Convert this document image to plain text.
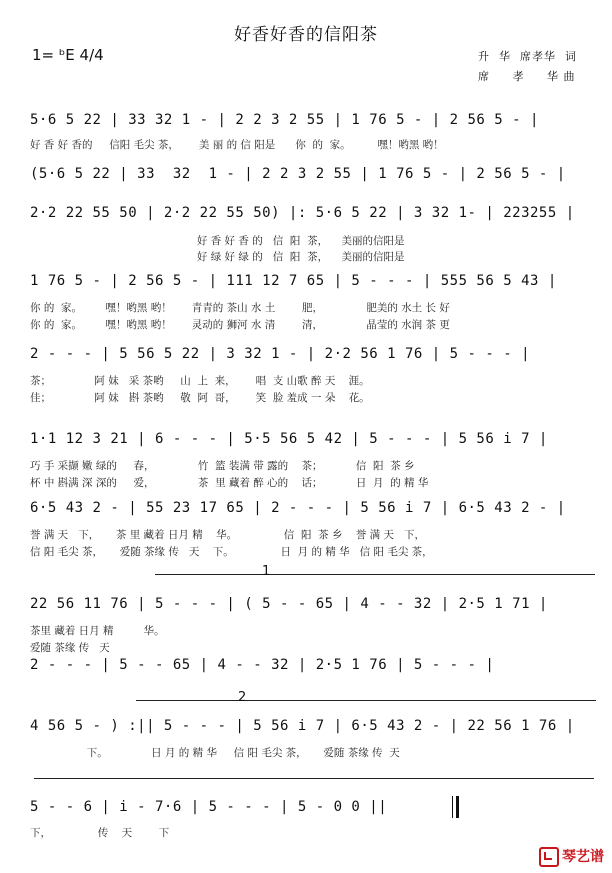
好香好香的信阳茶
1= ᵇE 4/4	升  华  席孝华  词
席     孝     华 曲
5·6 5 22 | 33 32 1 - | 2 2 3 2 55 | 1 76 5 - | 2 56 5 - |
好 香 好 香的     信阳 毛尖 茶，      美 丽 的 信 阳是      你  的  家。        嘿！哟黑 哟！
(5·6 5 22 | 33  32  1 - | 2 2 3 2 55 | 1 76 5 - | 2 56 5 - |
2·2 22 55 50 | 2·2 22 55 50) |: 5·6 5 22 | 3 32 1- | 223255 |
好 香 好 香 的   信  阳  茶，    美丽的信阳是
好 绿 好 绿 的   信  阳  茶，    美丽的信阳是
1 76 5 - | 2 56 5 - | 111 12 7 65 | 5 - - - | 555 56 5 43 |
你 的  家。       嘿！哟黑 哟！      青青的 茶山 水 土        肥，             肥美的 水土 长 好
你 的  家。       嘿！哟黑 哟！      灵动的 狮河 水 清        清，             晶莹的 水润 茶 更
2 - - - | 5 56 5 22 | 3 32 1 - | 2·2 56 1 76 | 5 - - - |
茶；             阿 妹   采 茶哟     山  上  来，      唱  支 山歌 醉 天    涯。
佳；             阿 妹   斟 茶哟     敬  阿  哥，      笑  脸 羞成 一 朵    花。
1·1 12 3 21 | 6 - - - | 5·5 56 5 42 | 5 - - - | 5 56 i 7 |
巧 手 采撷 嫩 绿的     春，             竹  篮 装满 带 露的    茶；          信  阳  茶 乡
杯 中 斟满 深 深的     爱，             茶  里 藏着 醉 心的    话；          日  月  的 精 华
6·5 43 2 - | 55 23 17 65 | 2 - - - | 5 56 i 7 | 6·5 43 2 - |
誉 满 天   下，     茶 里 藏着 日月 精    华。              信  阳  茶 乡    誉 满 天   下，
信 阳 毛尖 茶，     爱随 茶缘 传   天    下。              日  月 的 精 华   信 阳 毛尖 茶，
1
22 56 11 76 | 5 - - - | ( 5 - - 65 | 4 - - 32 | 2·5 1 71 |
茶里 藏着 日月 精         华。
爱随 茶缘 传   天
2 - - - | 5 - - 65 | 4 - - 32 | 2·5 1 76 | 5 - - - |
2
4 56 5 - ) :|| 5 - - - | 5 56 i 7 | 6·5 43 2 - | 22 56 1 76 |
下。             日 月 的 精 华     信 阳 毛尖 茶，     爱随 茶缘 传  天
5 - - 6 | i - 7·6 | 5 - - - | 5 - 0 0 ||
下，              传    天        下
琴艺谱
